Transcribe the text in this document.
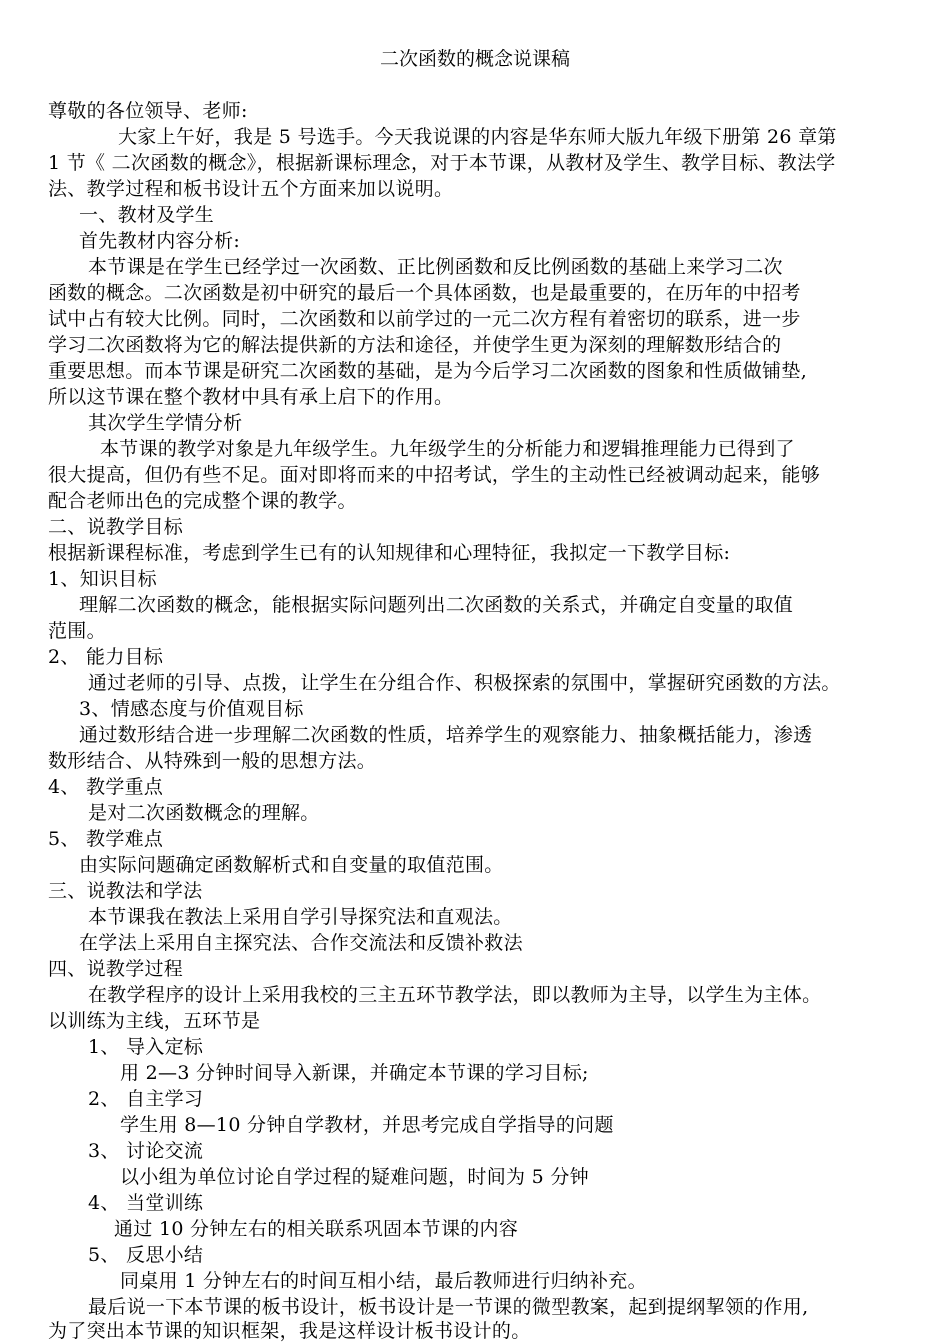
二次函数的概念说课稿
尊敬的各位领导、老师:
大家上午好，我是 5 号选手。今天我说课的内容是华东师大版九年级下册第 26 章第
1 节《 二次函数的概念》，根据新课标理念，对于本节课，从教材及学生、教学目标、教法学
法、教学过程和板书设计五个方面来加以说明。
一、教材及学生
首先教材内容分析:
本节课是在学生已经学过一次函数、正比例函数和反比例函数的基础上来学习二次
函数的概念。二次函数是初中研究的最后一个具体函数，也是最重要的，在历年的中招考
试中占有较大比例。同时，二次函数和以前学过的一元二次方程有着密切的联系，进一步
学习二次函数将为它的解法提供新的方法和途径，并使学生更为深刻的理解数形结合的
重要思想。而本节课是研究二次函数的基础，是为今后学习二次函数的图象和性质做铺垫,
所以这节课在整个教材中具有承上启下的作用。
其次学生学情分析
本节课的教学对象是九年级学生。九年级学生的分析能力和逻辑推理能力已得到了
很大提高，但仍有些不足。面对即将而来的中招考试，学生的主动性已经被调动起来，能够
配合老师出色的完成整个课的教学。
二、说教学目标
根据新课程标准，考虑到学生已有的认知规律和心理特征，我拟定一下教学目标:
1、知识目标
理解二次函数的概念，能根据实际问题列出二次函数的关系式，并确定自变量的取值
范围。
2、 能力目标
通过老师的引导、点拨，让学生在分组合作、积极探索的氛围中，掌握研究函数的方法。
3、情感态度与价值观目标
通过数形结合进一步理解二次函数的性质，培养学生的观察能力、抽象概括能力，渗透
数形结合、从特殊到一般的思想方法。
4、 教学重点
是对二次函数概念的理解。
5、 教学难点
由实际问题确定函数解析式和自变量的取值范围。
三、说教法和学法
本节课我在教法上采用自学引导探究法和直观法。
在学法上采用自主探究法、合作交流法和反馈补救法
四、说教学过程
在教学程序的设计上采用我校的三主五环节教学法，即以教师为主导，以学生为主体。
以训练为主线，五环节是
1、 导入定标
用 2—3 分钟时间导入新课，并确定本节课的学习目标;
2、 自主学习
学生用 8—10 分钟自学教材，并思考完成自学指导的问题
3、 讨论交流
以小组为单位讨论自学过程的疑难问题，时间为 5 分钟
4、 当堂训练
通过 10 分钟左右的相关联系巩固本节课的内容
5、 反思小结
同桌用 1 分钟左右的时间互相小结，最后教师进行归纳补充。
最后说一下本节课的板书设计，板书设计是一节课的微型教案，起到提纲挈领的作用,
为了突出本节课的知识框架，我是这样设计板书设计的。
